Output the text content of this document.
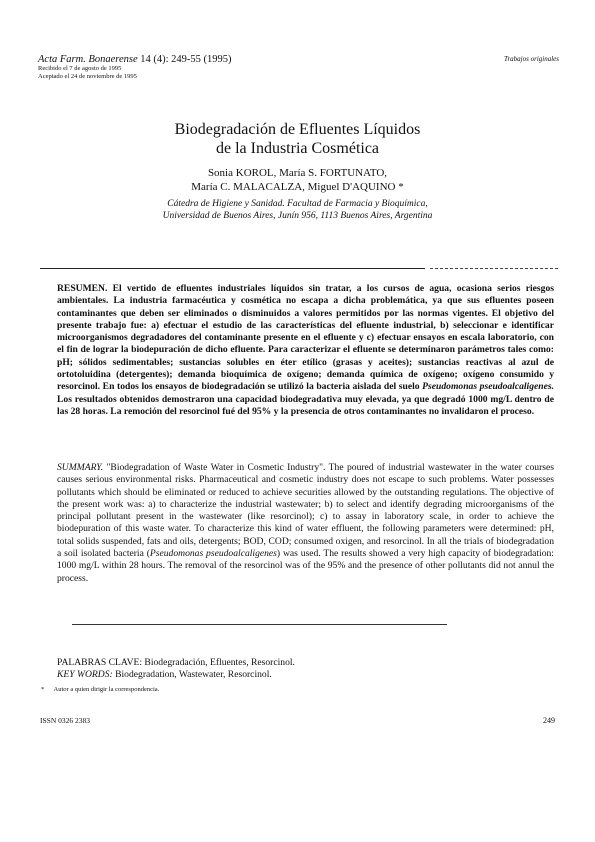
Acta Farm. Bonaerense 14 (4): 249-55 (1995)
Recibido el 7 de agosto de 1995
Aceptado el 24 de noviembre de 1995
Trabajos originales
Biodegradación de Efluentes Líquidos
de la Industria Cosmética
Sonia KOROL, María S. FORTUNATO,
María C. MALACALZA, Miguel D'AQUINO *
Cátedra de Higiene y Sanidad. Facultad de Farmacia y Bioquímica,
Universidad de Buenos Aires, Junín 956, 1113 Buenos Aires, Argentina
RESUMEN. El vertido de efluentes industriales líquidos sin tratar, a los cursos de agua, ocasiona serios riesgos ambientales. La industria farmacéutica y cosmética no escapa a dicha problemática, ya que sus efluentes poseen contaminantes que deben ser eliminados o disminuidos a valores permitidos por las normas vigentes. El objetivo del presente trabajo fue: a) efectuar el estudio de las características del efluente industrial, b) seleccionar e identificar microorganismos degradadores del contaminante presente en el efluente y c) efectuar ensayos en escala laboratorio, con el fin de lograr la biodepuración de dicho efluente. Para caracterizar el efluente se determinaron parámetros tales como: pH; sólidos sedimentables; sustancias solubles en éter etílico (grasas y aceites); sustancias reactivas al azul de ortotoluidina (detergentes); demanda bioquímica de oxígeno; demanda química de oxígeno; oxígeno consumido y resorcinol. En todos los ensayos de biodegradación se utilizó la bacteria aislada del suelo Pseudomonas pseudoalcaligenes. Los resultados obtenidos demostraron una capacidad biodegradativa muy elevada, ya que degradó 1000 mg/L dentro de las 28 horas. La remoción del resorcinol fué del 95% y la presencia de otros contaminantes no invalidaron el proceso.
SUMMARY. "Biodegradation of Waste Water in Cosmetic Industry". The poured of industrial wastewater in the water courses causes serious environmental risks. Pharmaceutical and cosmetic industry does not escape to such problems. Water possesses pollutants which should be eliminated or reduced to achieve securities allowed by the outstanding regulations. The objective of the present work was: a) to characterize the industrial wastewater; b) to select and identify degrading microorganisms of the principal pollutant present in the wastewater (like resorcinol); c) to assay in laboratory scale, in order to achieve the biodepuration of this waste water. To characterize this kind of water effluent, the following parameters were determined: pH, total solids suspended, fats and oils, detergents; BOD, COD; consumed oxigen, and resorcinol. In all the trials of biodegradation a soil isolated bacteria (Pseudomonas pseudoalcaligenes) was used. The results showed a very high capacity of biodegradation: 1000 mg/L within 28 hours. The removal of the resorcinol was of the 95% and the presence of other pollutants did not annul the process.
PALABRAS CLAVE: Biodegradación, Efluentes, Resorcinol.
KEY WORDS: Biodegradation, Wastewater, Resorcinol.
* Autor a quien dirigir la correspondencia.
ISSN 0326 2383	249
